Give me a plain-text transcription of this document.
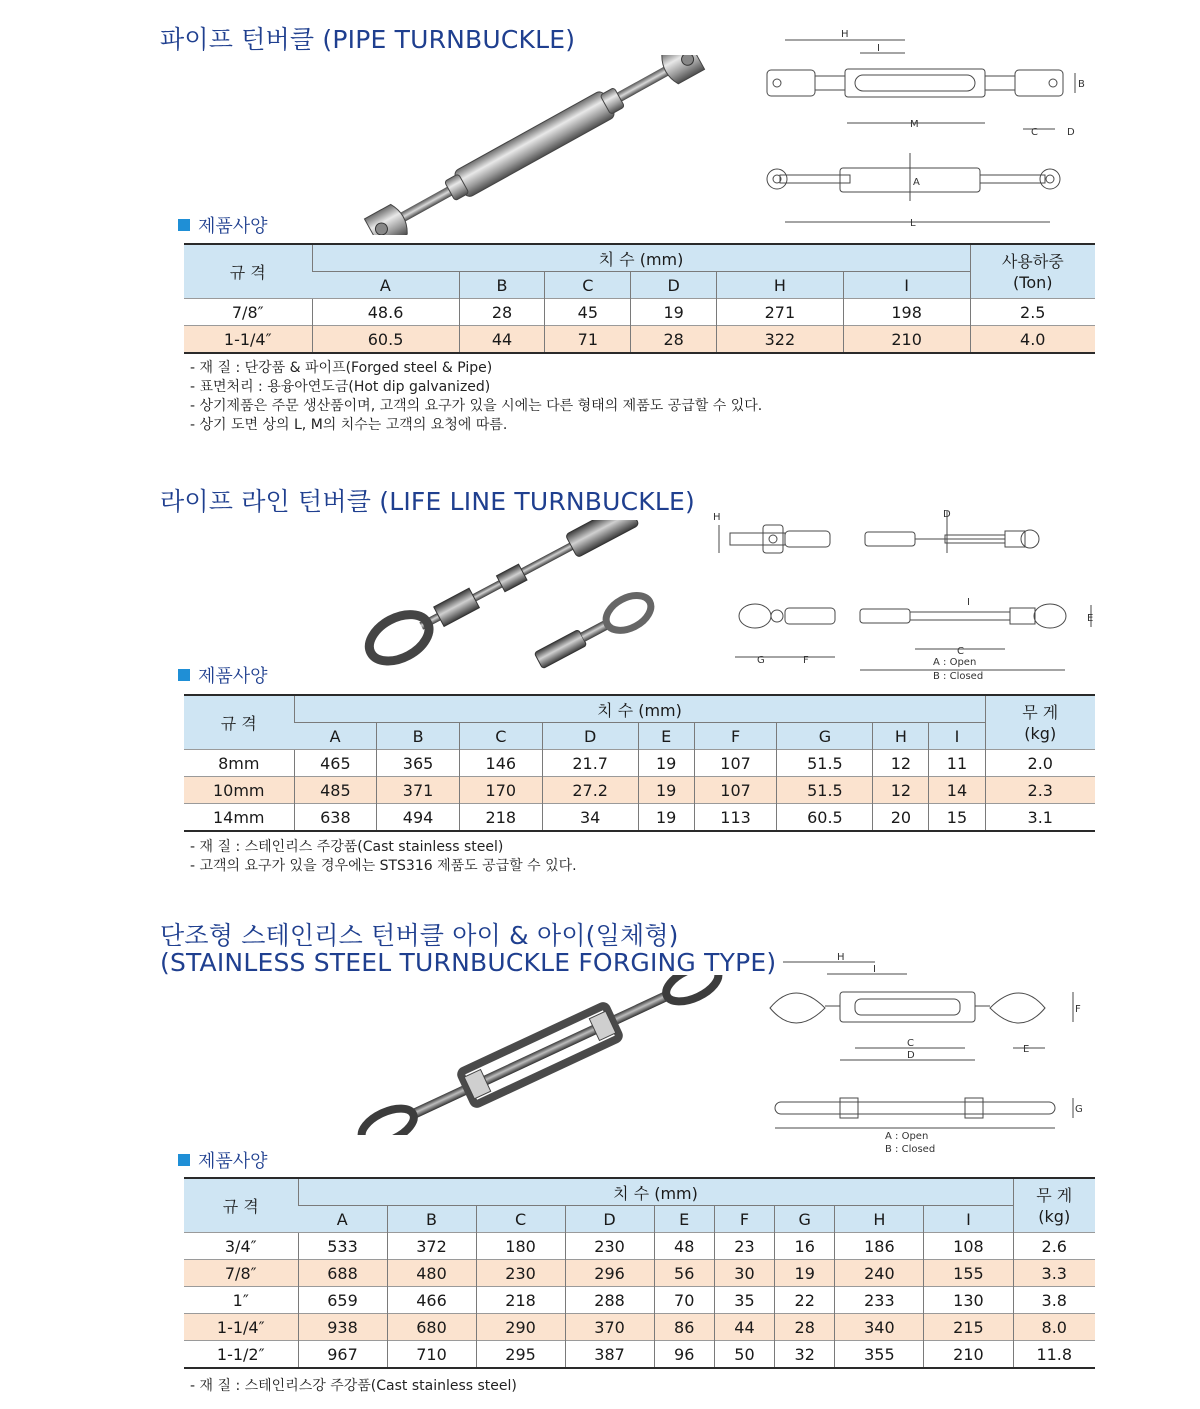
파이프 턴버클 (PIPE TURNBUCKLE)	H
I
B
M
C	D
A
L
제품사양
규 격	치 수 (mm)						사용하중
(Ton)
	A	B	C	D	H	I	
7/8″	48.6	28	45	19	271	198	2.5
1-1/4″	60.5	44	71	28	322	210	4.0
- 재 질 : 단강품 & 파이프(Forged steel & Pipe)
- 표면처리 : 용융아연도금(Hot dip galvanized)
- 상기제품은 주문 생산품이며, 고객의 요구가 있을 시에는 다른 형태의 제품도 공급할 수 있다.
- 상기 도면 상의 L, M의 치수는 고객의 요청에 따름.
라이프 라인 턴버클 (LIFE LINE TURNBUCKLE)
H	D
I
E
G	F
C
A : Open
B : Closed
제품사양
규 격	치 수 (mm)									무 게
(kg)
	A	B	C	D	E	F	G	H	I	
8mm	465	365	146	21.7	19	107	51.5	12	11	2.0
10mm	485	371	170	27.2	19	107	51.5	12	14	2.3
14mm	638	494	218	34	19	113	60.5	20	15	3.1
- 재 질 : 스테인리스 주강품(Cast stainless steel)
- 고객의 요구가 있을 경우에는 STS316 제품도 공급할 수 있다.
단조형 스테인리스 턴버클 아이 & 아이(일체형)
(STAINLESS STEEL TURNBUCKLE FORGING TYPE)	H
I
F
C
D
E
G
A : Open
B : Closed
제품사양
규 격	치 수 (mm)									무 게
(kg)
	A	B	C	D	E	F	G	H	I	
3/4″	533	372	180	230	48	23	16	186	108	2.6
7/8″	688	480	230	296	56	30	19	240	155	3.3
1″	659	466	218	288	70	35	22	233	130	3.8
1-1/4″	938	680	290	370	86	44	28	340	215	8.0
1-1/2″	967	710	295	387	96	50	32	355	210	11.8
- 재 질 : 스테인리스강 주강품(Cast stainless steel)
